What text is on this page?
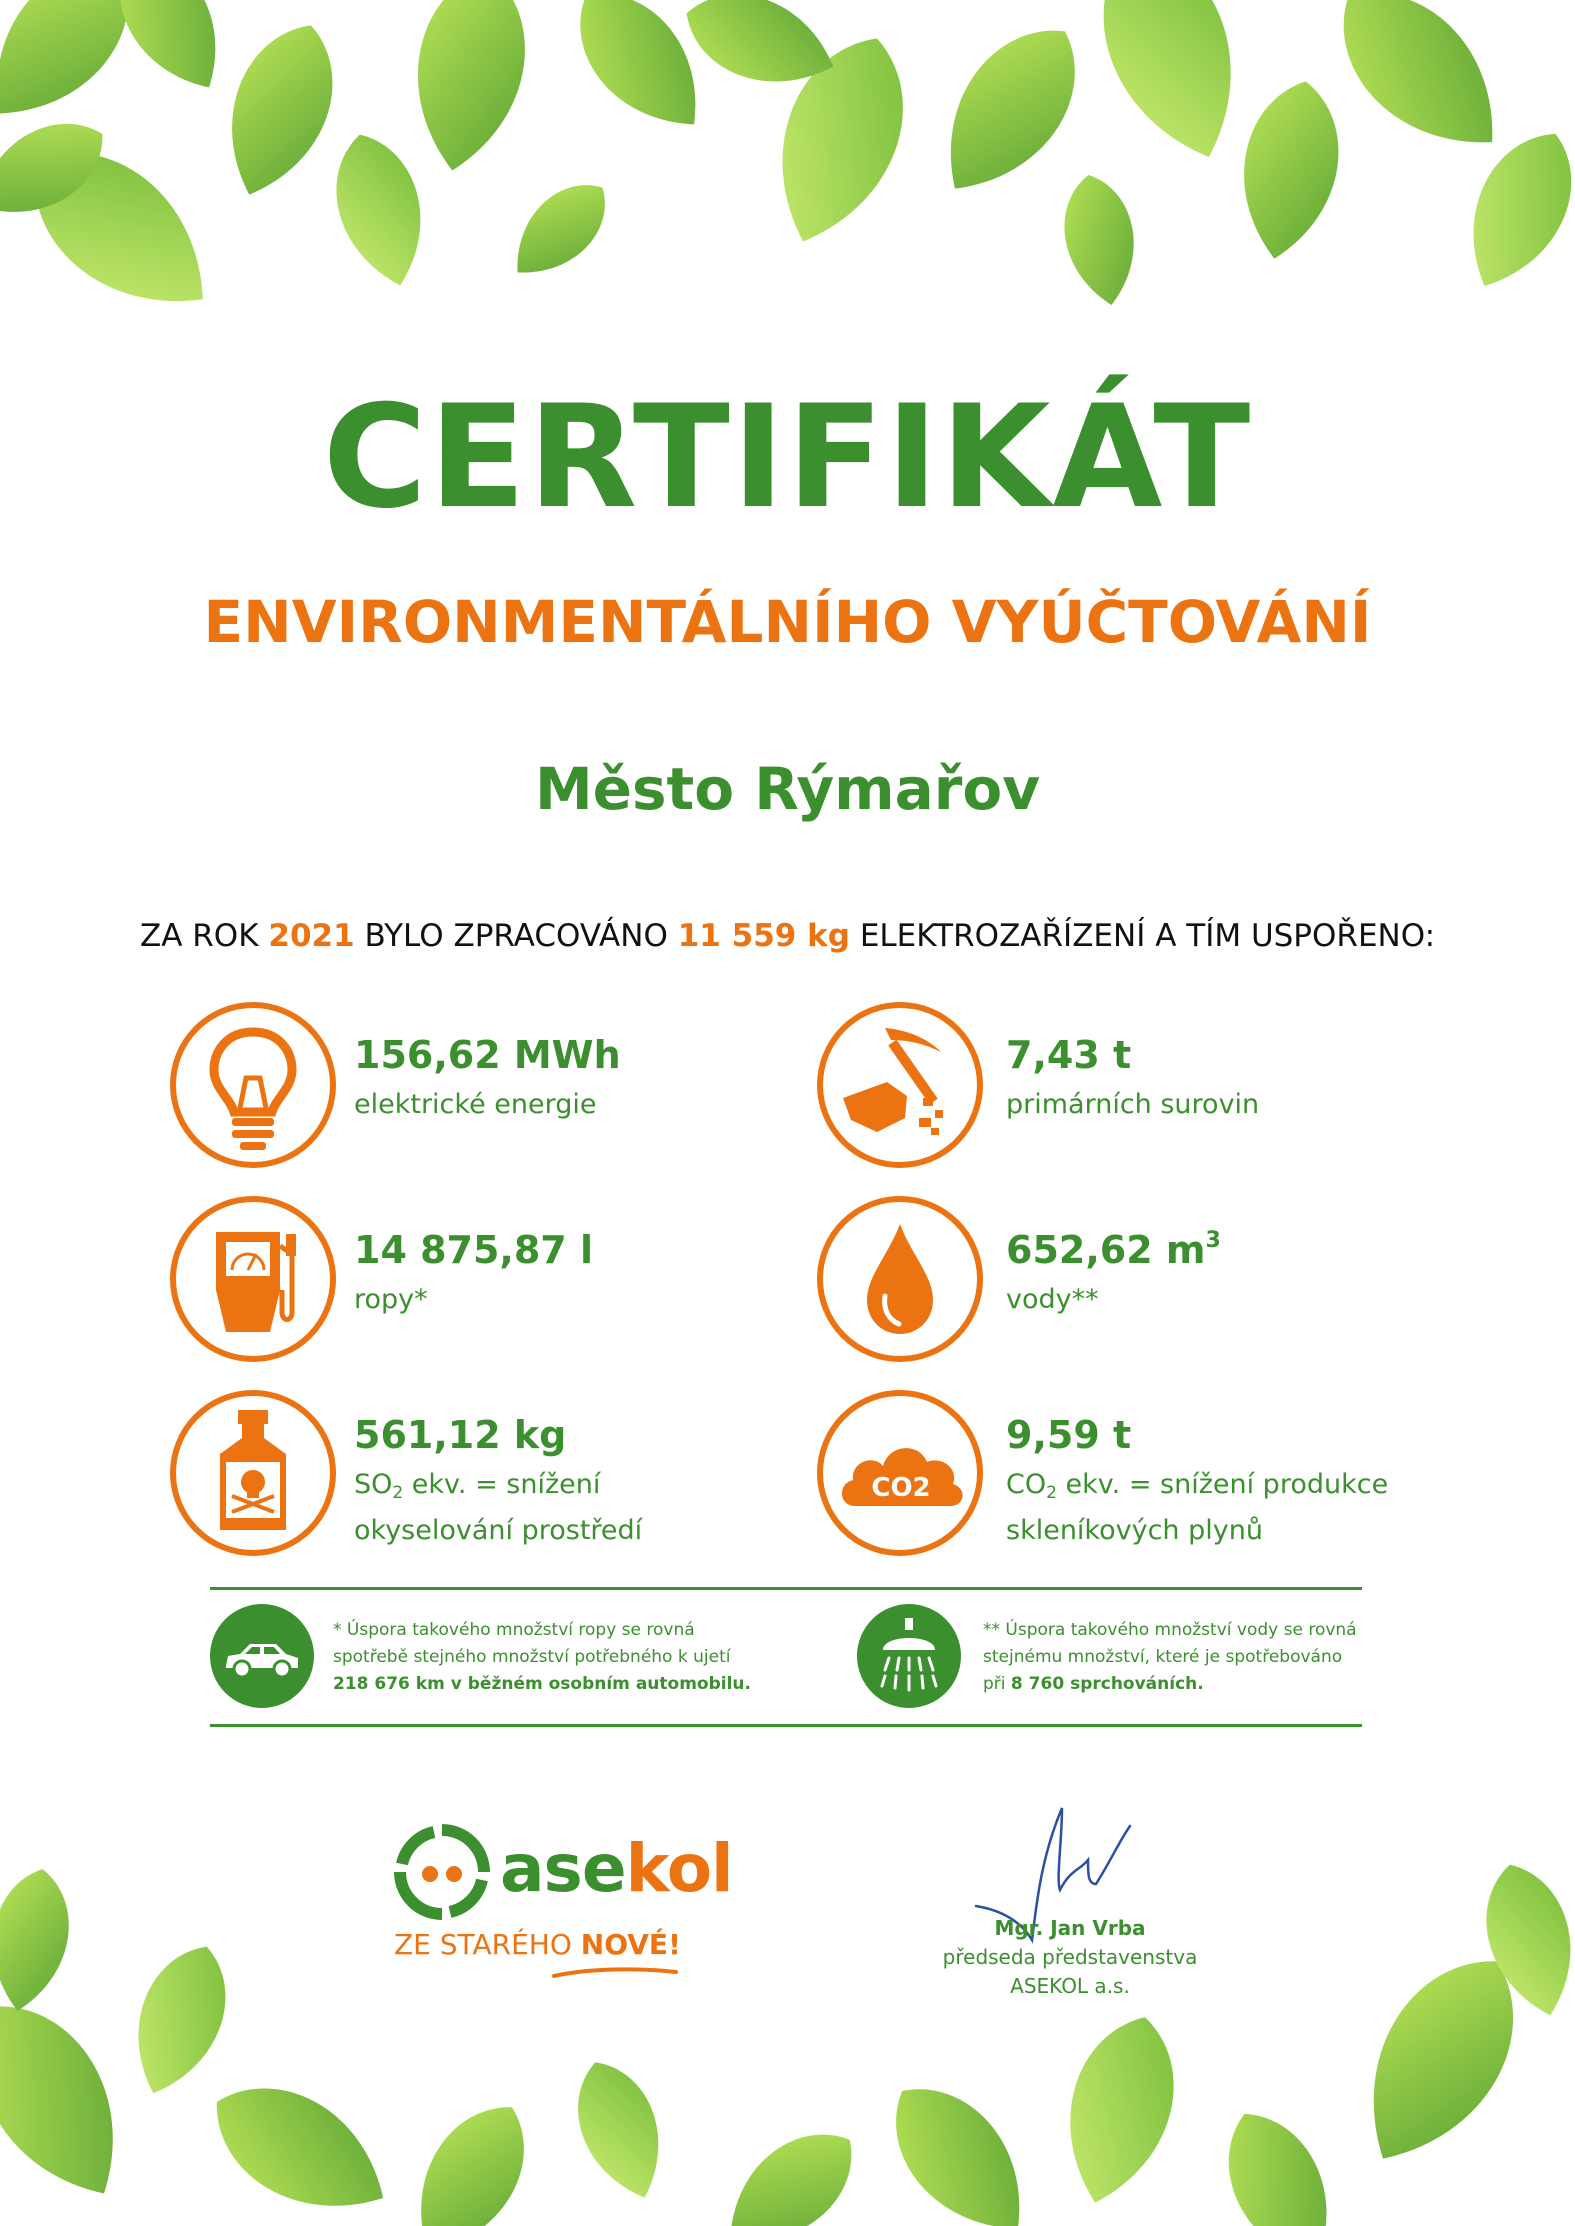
CERTIFIKÁT
ENVIRONMENTÁLNÍHO VYÚČTOVÁNÍ
Město Rýmařov
ZA ROK 2021 BYLO ZPRACOVÁNO 11 559 kg ELEKTROZAŘÍZENÍ A TÍM USPOŘENO:
156,62 MWh
elektrické energie
7,43 t
primárních surovin
14 875,87 l
ropy*
652,62 $m^3$
vody**
561,12 kg
$SO_2$ ekv. = snížení
okyselování prostředí
CO2
9,59 t
$CO_2$ ekv. = snížení produkce
skleníkových plynů
* Úspora takového množství ropy se rovná
spotřebě stejného množství potřebného k ujetí
218 676 km v běžném osobním automobilu.
** Úspora takového množství vody se rovná
stejnému množství, které je spotřebováno
při 8 760 sprchováních.
asekol
ZE STARÉHO NOVÉ!	Mgr. Jan Vrba
předseda představenstva
ASEKOL a.s.
